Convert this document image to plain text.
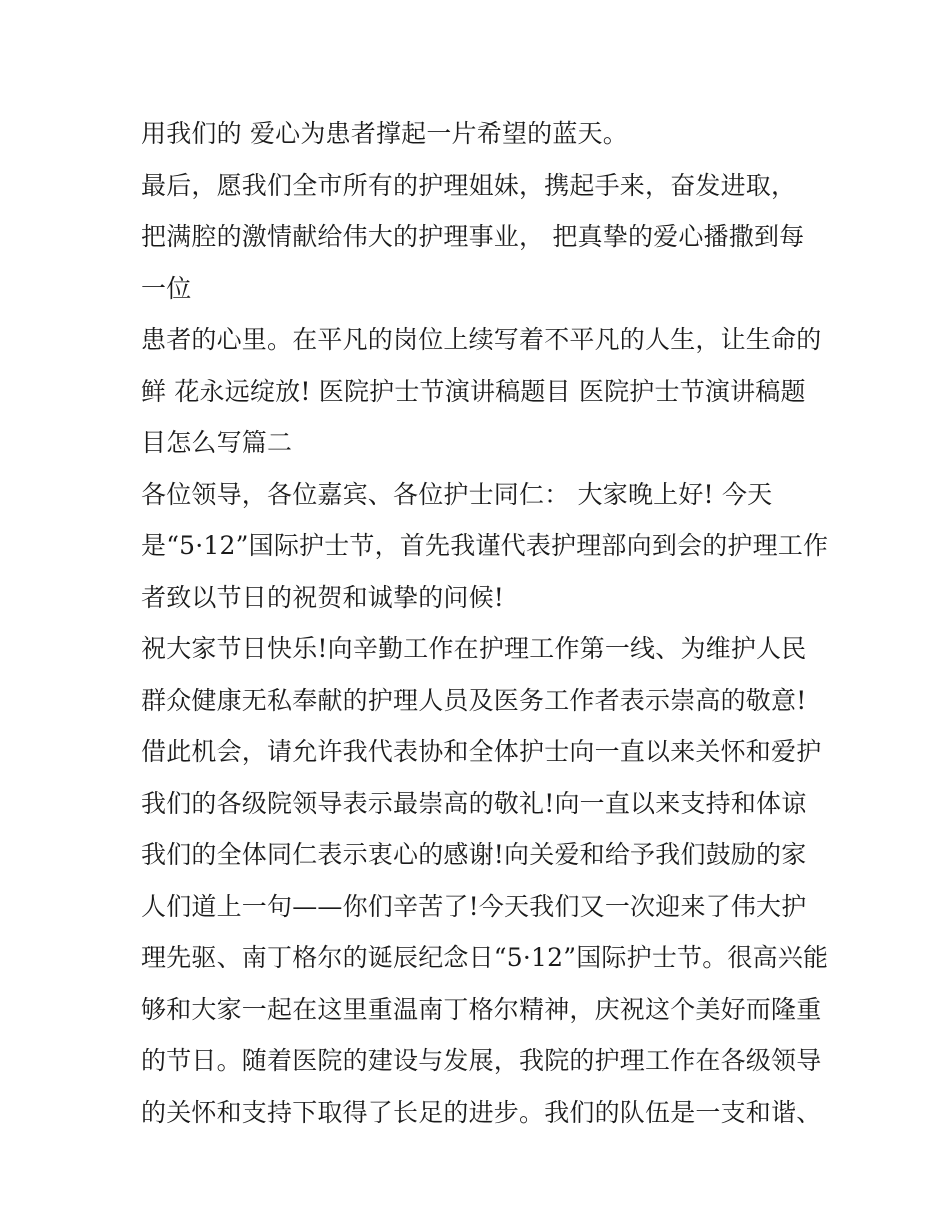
用我们的 爱心为患者撑起一片希望的蓝天。
最后，愿我们全市所有的护理姐妹，携起手来，奋发进取，
把满腔的激情献给伟大的护理事业， 把真挚的爱心播撒到每
一位
患者的心里。在平凡的岗位上续写着不平凡的人生，让生命的
鲜 花永远绽放! 医院护士节演讲稿题目 医院护士节演讲稿题
目怎么写篇二
各位领导，各位嘉宾、各位护士同仁： 大家晚上好! 今天
是“5·12”国际护士节，首先我谨代表护理部向到会的护理工作
者致以节日的祝贺和诚挚的问候!
祝大家节日快乐!向辛勤工作在护理工作第一线、为维护人民
群众健康无私奉献的护理人员及医务工作者表示崇高的敬意!
借此机会，请允许我代表协和全体护士向一直以来关怀和爱护
我们的各级院领导表示最崇高的敬礼!向一直以来支持和体谅
我们的全体同仁表示衷心的感谢!向关爱和给予我们鼓励的家
人们道上一句——你们辛苦了!今天我们又一次迎来了伟大护
理先驱、南丁格尔的诞辰纪念日“5·12”国际护士节。很高兴能
够和大家一起在这里重温南丁格尔精神，庆祝这个美好而隆重
的节日。随着医院的建设与发展，我院的护理工作在各级领导
的关怀和支持下取得了长足的进步。我们的队伍是一支和谐、
